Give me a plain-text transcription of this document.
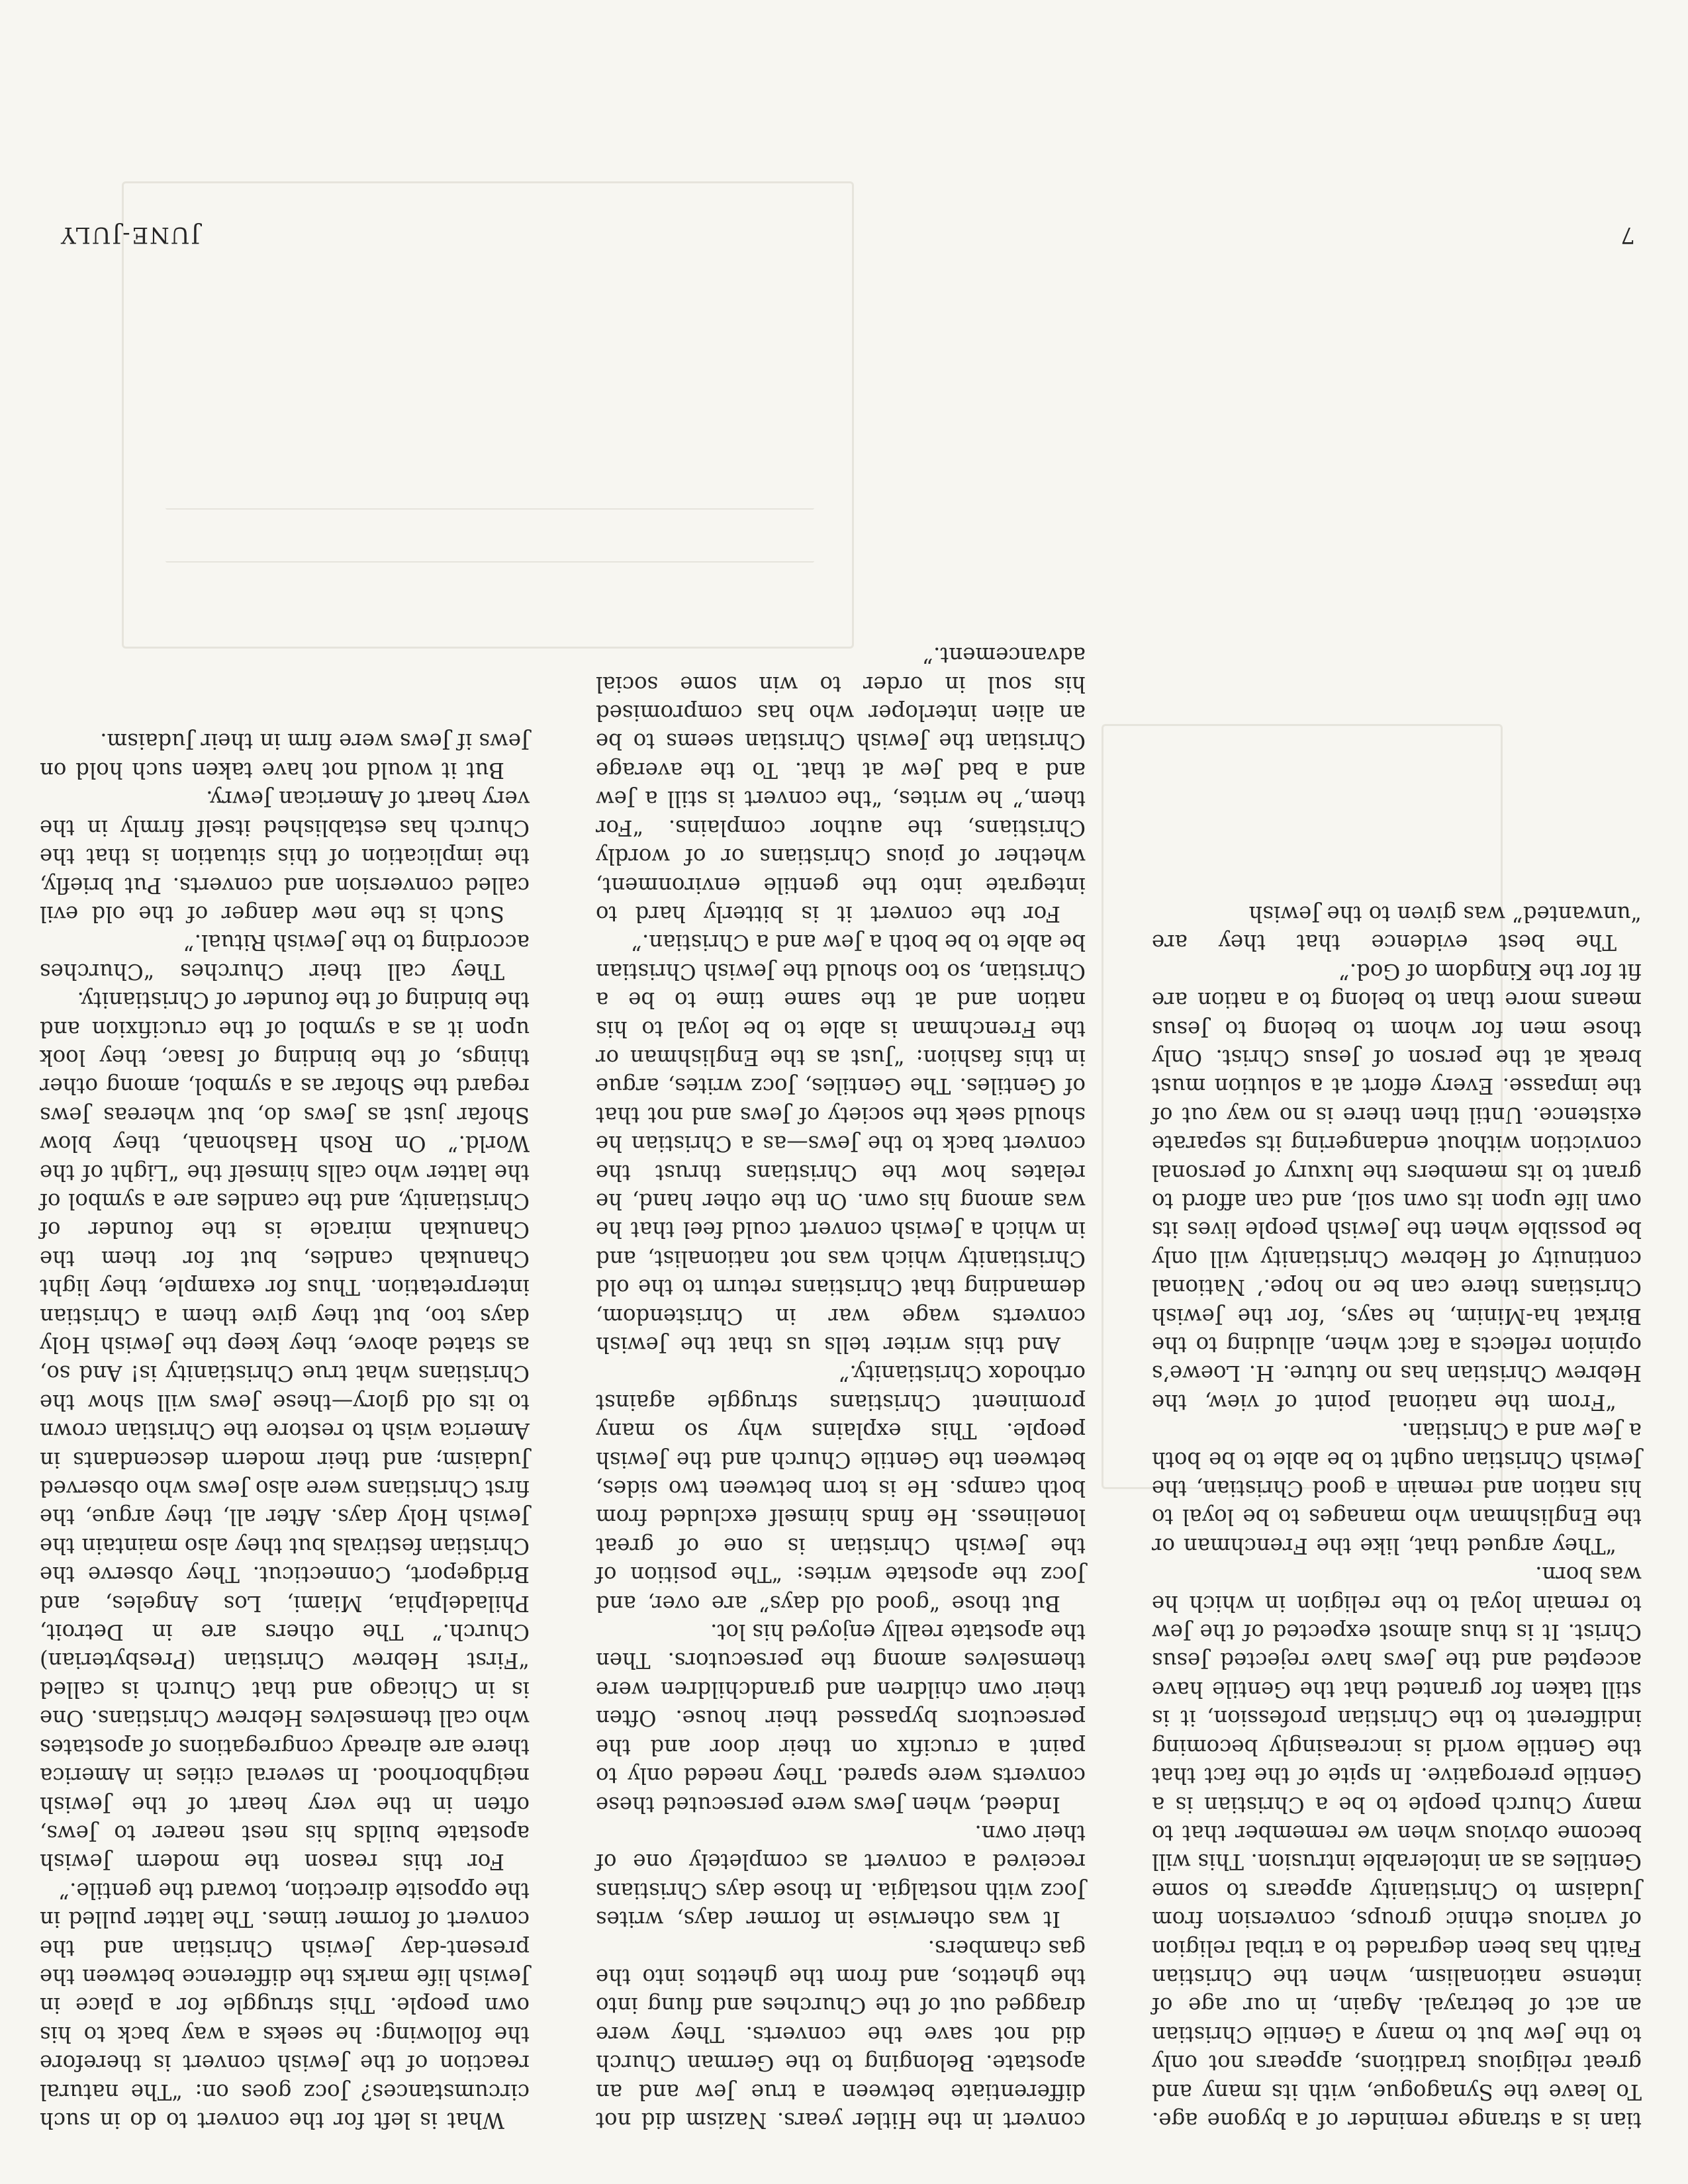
tian is a strange reminder of a bygone age. To leave the Synagogue, with its many and great religious traditions, appears not only to the Jew but to many a Gentile Christian an act of betrayal. Again, in our age of intense nationalism, when the Christian Faith has been degraded to a tribal religion of various ethnic groups, conversion from Judaism to Christianity appears to some Gentiles as an intolerable intrusion. This will become obvious when we remember that to many Church people to be a Christian is a Gentile prerogative. In spite of the fact that the Gentile world is increasingly becoming indifferent to the Christian profession, it is still taken for granted that the Gentile have accepted and the Jews have rejected Jesus Christ. It is thus almost expected of the Jew to remain loyal to the religion in which he was born.

“They argued that, like the Frenchman or the Englishman who manages to be loyal to his nation and remain a good Christian, the Jewish Christian ought to be able to be both a Jew and a Christian.

“From the national point of view, the Hebrew Christian has no future. H. Loewe’s opinion reflects a fact when, alluding to the Birkat ha-Minim, he says, ‘for the Jewish Christians there can be no hope.’ National continuity of Hebrew Christianity will only be possible when the Jewish people lives its own life upon its own soil, and can afford to grant to its members the luxury of personal conviction without endangering its separate existence. Until then there is no way out of the impasse. Every effort at a solution must break at the person of Jesus Christ. Only those men for whom to belong to Jesus means more than to belong to a nation are fit for the Kingdom of God.”

The best evidence that they are “unwanted” was given to the Jewish

convert in the Hitler years. Nazism did not differentiate between a true Jew and an apostate. Belonging to the German Church did not save the converts. They were dragged out of the Churches and flung into the ghettos, and from the ghettos into the gas chambers.

It was otherwise in former days, writes Jocz with nostalgia. In those days Christians received a convert as completely one of their own.

Indeed, when Jews were persecuted these converts were spared. They needed only to paint a crucifix on their door and the persecutors bypassed their house. Often their own children and grandchildren were themselves among the persecutors. Then the apostate really enjoyed his lot.

But those “good old days” are over, and Jocz the apostate writes: “The position of the Jewish Christian is one of great loneliness. He finds himself excluded from both camps. He is torn between two sides, between the Gentile Church and the Jewish people. This explains why so many prominent Christians struggle against orthodox Christianity.”

And this writer tells us that the Jewish converts wage war in Christendom, demanding that Christians return to the old Christianity which was not nationalist, and in which a Jewish convert could feel that he was among his own. On the other hand, he relates how the Christians thrust the convert back to the Jews—as a Christian he should seek the society of Jews and not that of Gentiles. The Gentiles, Jocz writes, argue in this fashion: “Just as the Englishman or the Frenchman is able to be loyal to his nation and at the same time to be a Christian, so too should the Jewish Christian be able to be both a Jew and a Christian.”

For the convert it is bitterly hard to integrate into the gentile environment, whether of pious Christians or of wordly Christians, the author complains. “For them,” he writes, “the convert is still a Jew and a bad Jew at that. To the average Christian the Jewish Christian seems to be an alien interloper who has compromised his soul in order to win some social advancement.”

What is left for the convert to do in such circumstances? Jocz goes on: “The natural reaction of the Jewish convert is therefore the following: he seeks a way back to his own people. This struggle for a place in Jewish life marks the difference between the present-day Jewish Christian and the convert of former times. The latter pulled in the opposite direction, toward the gentile.”

For this reason the modern Jewish apostate builds his nest nearer to Jews, often in the very heart of the Jewish neighborhood. In several cities in America there are already congregations of apostates who call themselves Hebrew Christians. One is in Chicago and that Church is called “First Hebrew Christian (Presbyterian) Church.” The others are in Detroit, Philadelphia, Miami, Los Angeles, and Bridgeport, Connecticut. They observe the Christian festivals but they also maintain the Jewish Holy days. After all, they argue, the first Christians were also Jews who observed Judaism; and their modern descendants in America wish to restore the Christian crown to its old glory—these Jews will show the Christians what true Christianity is! And so, as stated above, they keep the Jewish Holy days too, but they give them a Christian interpretation. Thus for example, they light Chanukah candles, but for them the Chanukah miracle is the founder of Christianity, and the candles are a symbol of the latter who calls himself the “Light of the World.” On Rosh Hashonah, they blow Shofar just as Jews do, but whereas Jews regard the Shofar as a symbol, among other things, of the binding of Isaac, they look upon it as a symbol of the crucifixion and the binding of the founder of Christianity.

They call their Churches “Churches according to the Jewish Ritual.”

Such is the new danger of the old evil called conversion and converts. Put briefly, the implication of this situation is that the Church has established itself firmly in the very heart of American Jewry.

But it would not have taken such hold on Jews if Jews were firm in their Judaism.

7
JUNE-JULY
